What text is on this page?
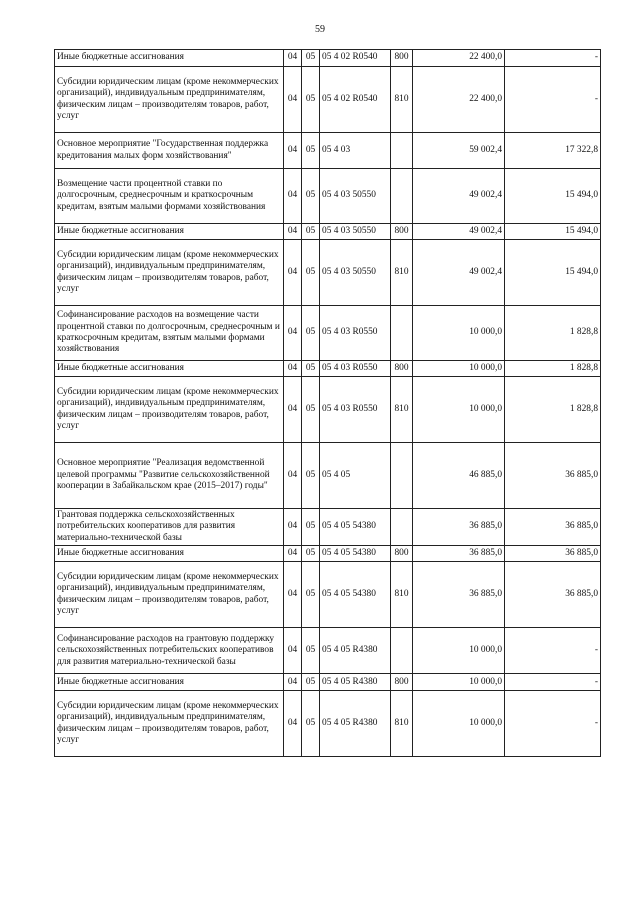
59
Иные бюджетные ассигнования	04	05	05 4 02 R0540	800	22 400,0	-
Субсидии юридическим лицам (кроме некоммерческих организаций), индивидуальным предпринимателям, физическим лицам – производителям товаров, работ, услуг	04	05	05 4 02 R0540	810	22 400,0	-
Основное мероприятие "Государственная поддержка кредитования малых форм хозяйствования"	04	05	05 4 03		59 002,4	17 322,8
Возмещение части процентной ставки по долгосрочным, среднесрочным и краткосрочным кредитам, взятым малыми формами хозяйствования	04	05	05 4 03 50550		49 002,4	15 494,0
Иные бюджетные ассигнования	04	05	05 4 03 50550	800	49 002,4	15 494,0
Субсидии юридическим лицам (кроме некоммерческих организаций), индивидуальным предпринимателям, физическим лицам – производителям товаров, работ, услуг	04	05	05 4 03 50550	810	49 002,4	15 494,0
Софинансирование расходов на возмещение части процентной ставки по долгосрочным, среднесрочным и краткосрочным кредитам, взятым малыми формами хозяйствования	04	05	05 4 03 R0550		10 000,0	1 828,8
Иные бюджетные ассигнования	04	05	05 4 03 R0550	800	10 000,0	1 828,8
Субсидии юридическим лицам (кроме некоммерческих организаций), индивидуальным предпринимателям, физическим лицам – производителям товаров, работ, услуг	04	05	05 4 03 R0550	810	10 000,0	1 828,8
Основное мероприятие "Реализация ведомственной целевой программы "Развитие сельскохозяйственной кооперации в Забайкальском крае (2015–2017) годы"	04	05	05 4 05		46 885,0	36 885,0
Грантовая поддержка сельскохозяйственных потребительских кооперативов для развития материально-технической базы	04	05	05 4 05 54380		36 885,0	36 885,0
Иные бюджетные ассигнования	04	05	05 4 05 54380	800	36 885,0	36 885,0
Субсидии юридическим лицам (кроме некоммерческих организаций), индивидуальным предпринимателям, физическим лицам – производителям товаров, работ, услуг	04	05	05 4 05 54380	810	36 885,0	36 885,0
Софинансирование расходов на грантовую поддержку сельскохозяйственных потребительских кооперативов для развития материально-технической базы	04	05	05 4 05 R4380		10 000,0	-
Иные бюджетные ассигнования	04	05	05 4 05 R4380	800	10 000,0	-
Субсидии юридическим лицам (кроме некоммерческих организаций), индивидуальным предпринимателям, физическим лицам – производителям товаров, работ, услуг	04	05	05 4 05 R4380	810	10 000,0	-
